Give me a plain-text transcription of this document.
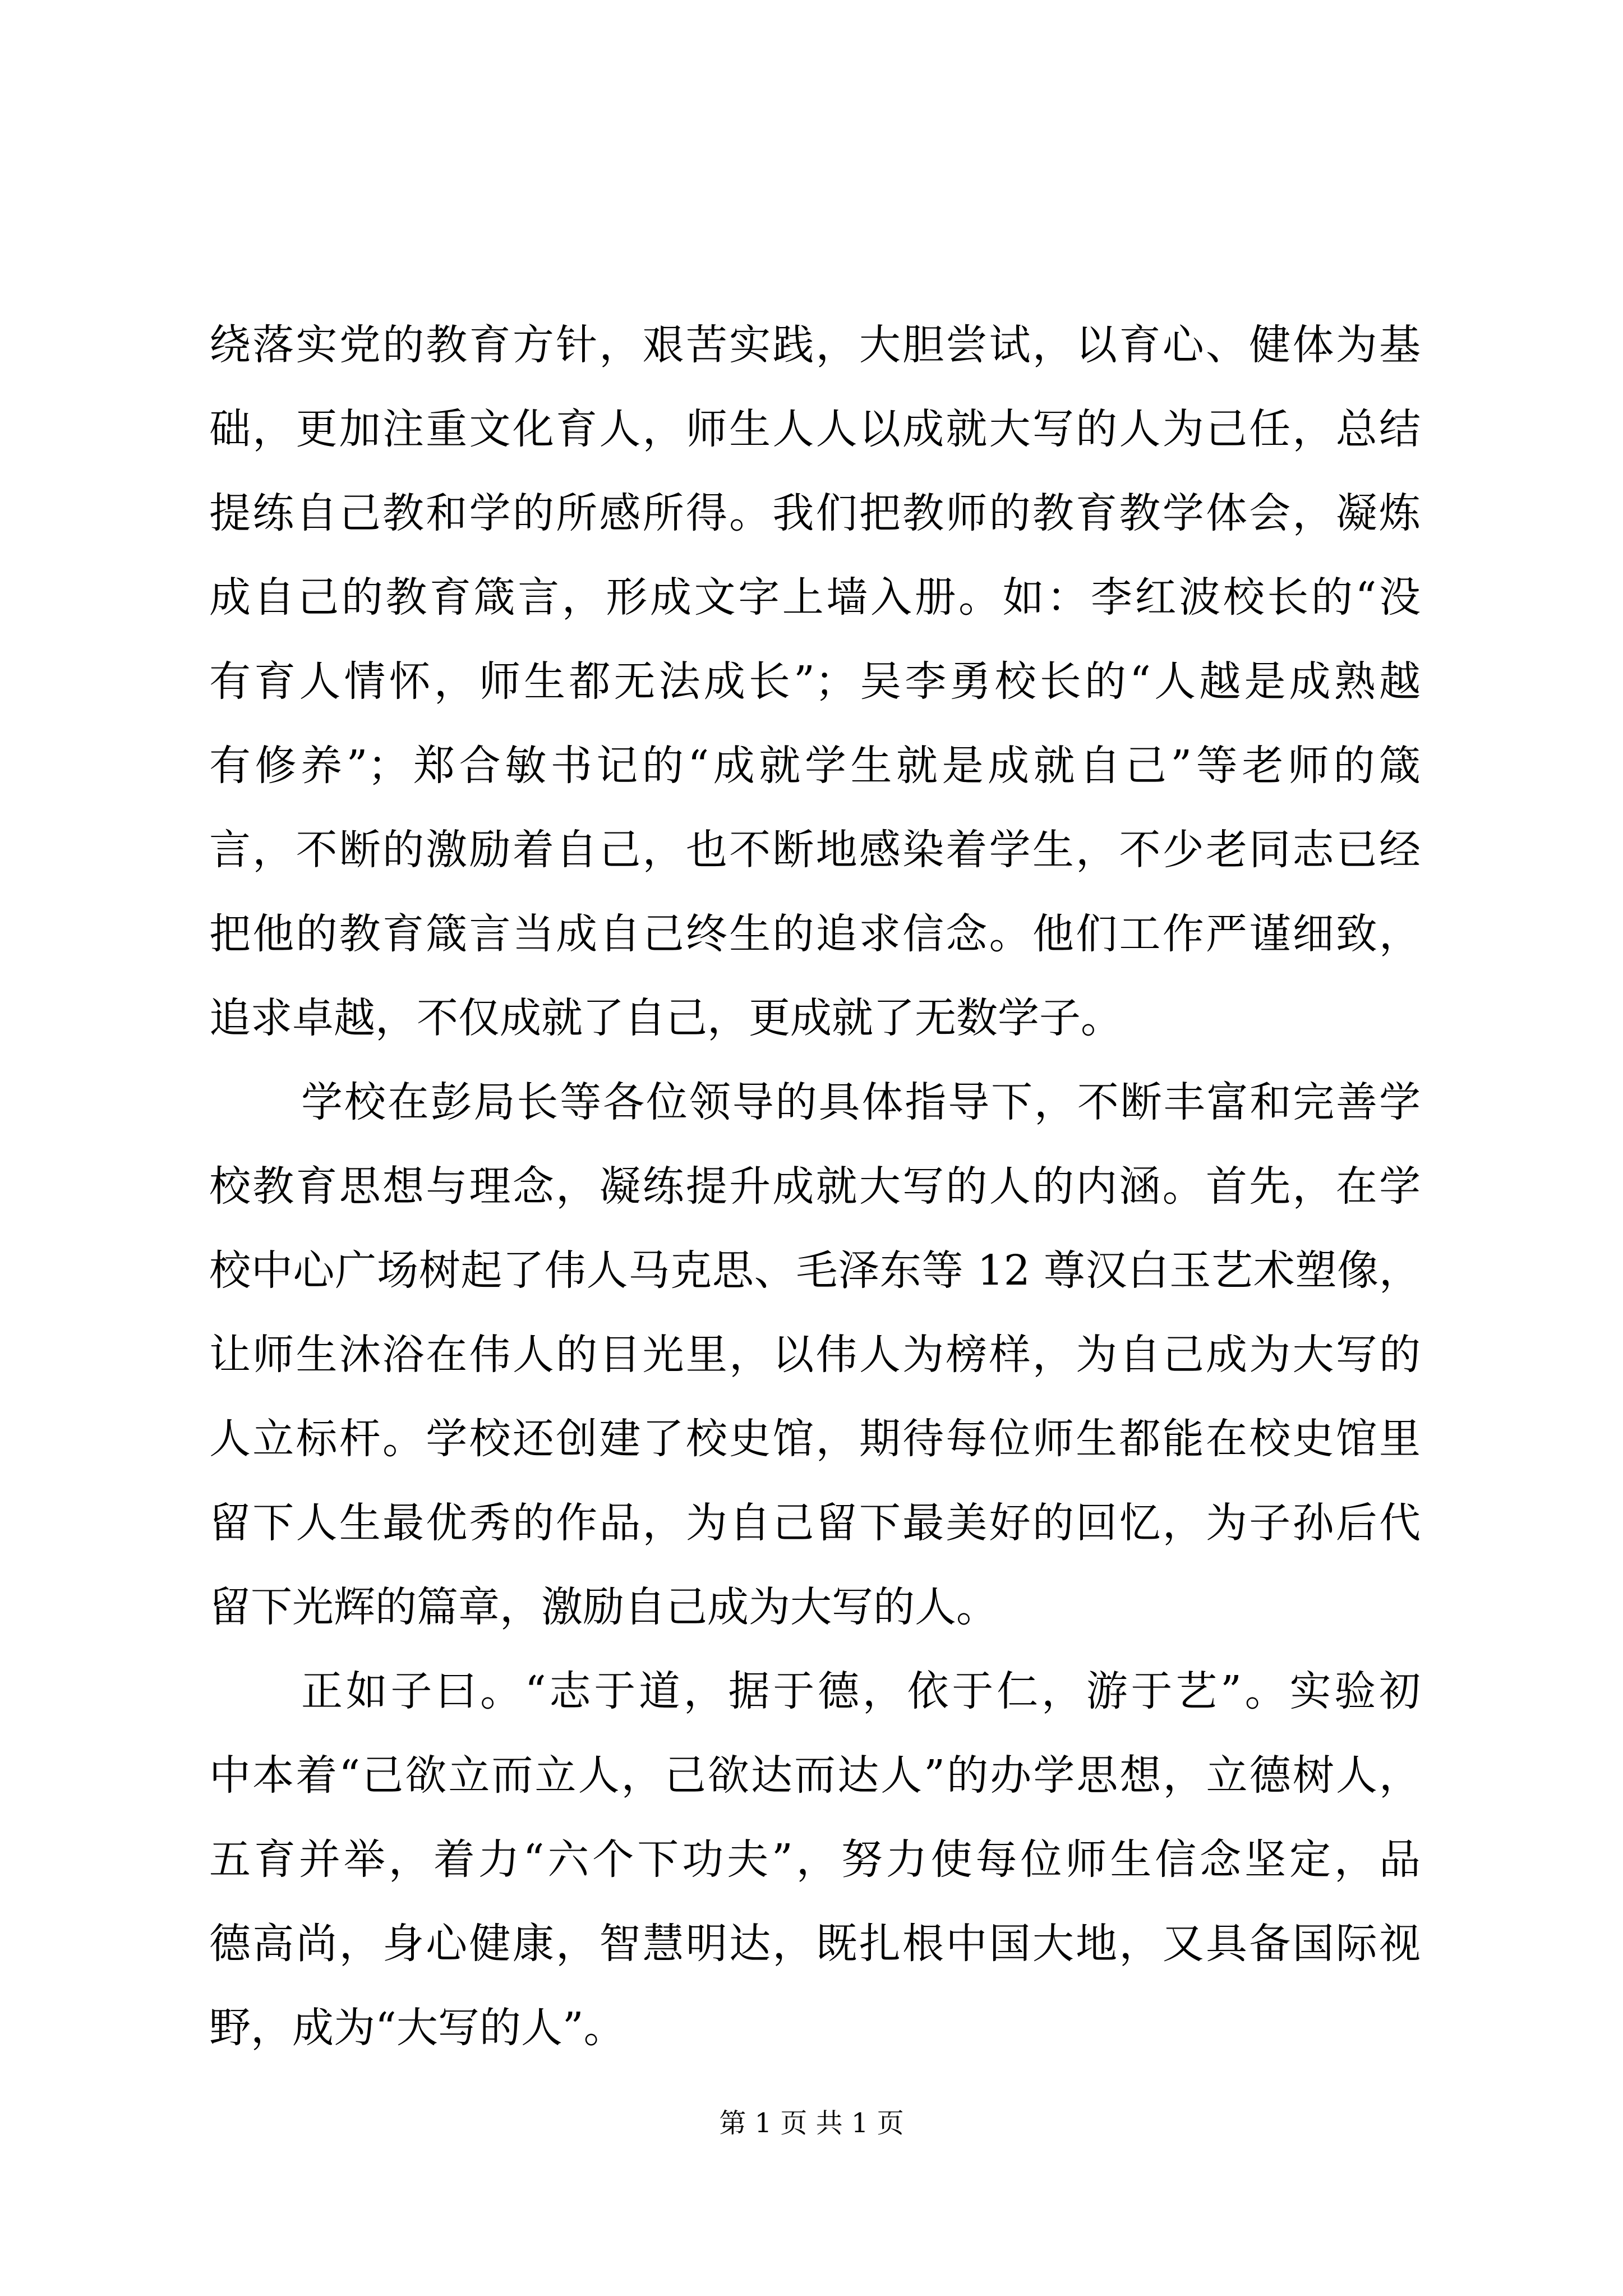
绕落实党的教育方针，艰苦实践，大胆尝试，以育心、健体为基
础，更加注重文化育人，师生人人以成就大写的人为己任，总结
提练自己教和学的所感所得。我们把教师的教育教学体会，凝炼
成自己的教育箴言，形成文字上墙入册。如：李红波校长的“没
有育人情怀，师生都无法成长”；吴李勇校长的“人越是成熟越
有修养”；郑合敏书记的“成就学生就是成就自己”等老师的箴
言，不断的激励着自己，也不断地感染着学生，不少老同志已经
把他的教育箴言当成自己终生的追求信念。他们工作严谨细致，
追求卓越，不仅成就了自己，更成就了无数学子。
学校在彭局长等各位领导的具体指导下，不断丰富和完善学
校教育思想与理念，凝练提升成就大写的人的内涵。首先，在学
校中心广场树起了伟人马克思、毛泽东等 12 尊汉白玉艺术塑像，
让师生沐浴在伟人的目光里，以伟人为榜样，为自己成为大写的
人立标杆。学校还创建了校史馆，期待每位师生都能在校史馆里
留下人生最优秀的作品，为自己留下最美好的回忆，为子孙后代
留下光辉的篇章，激励自己成为大写的人。
正如子曰。“志于道，据于德，依于仁，游于艺”。实验初
中本着“己欲立而立人，己欲达而达人”的办学思想，立德树人，
五育并举，着力“六个下功夫”，努力使每位师生信念坚定，品
德高尚，身心健康，智慧明达，既扎根中国大地，又具备国际视
野，成为“大写的人”。
第 1 页 共 1 页
